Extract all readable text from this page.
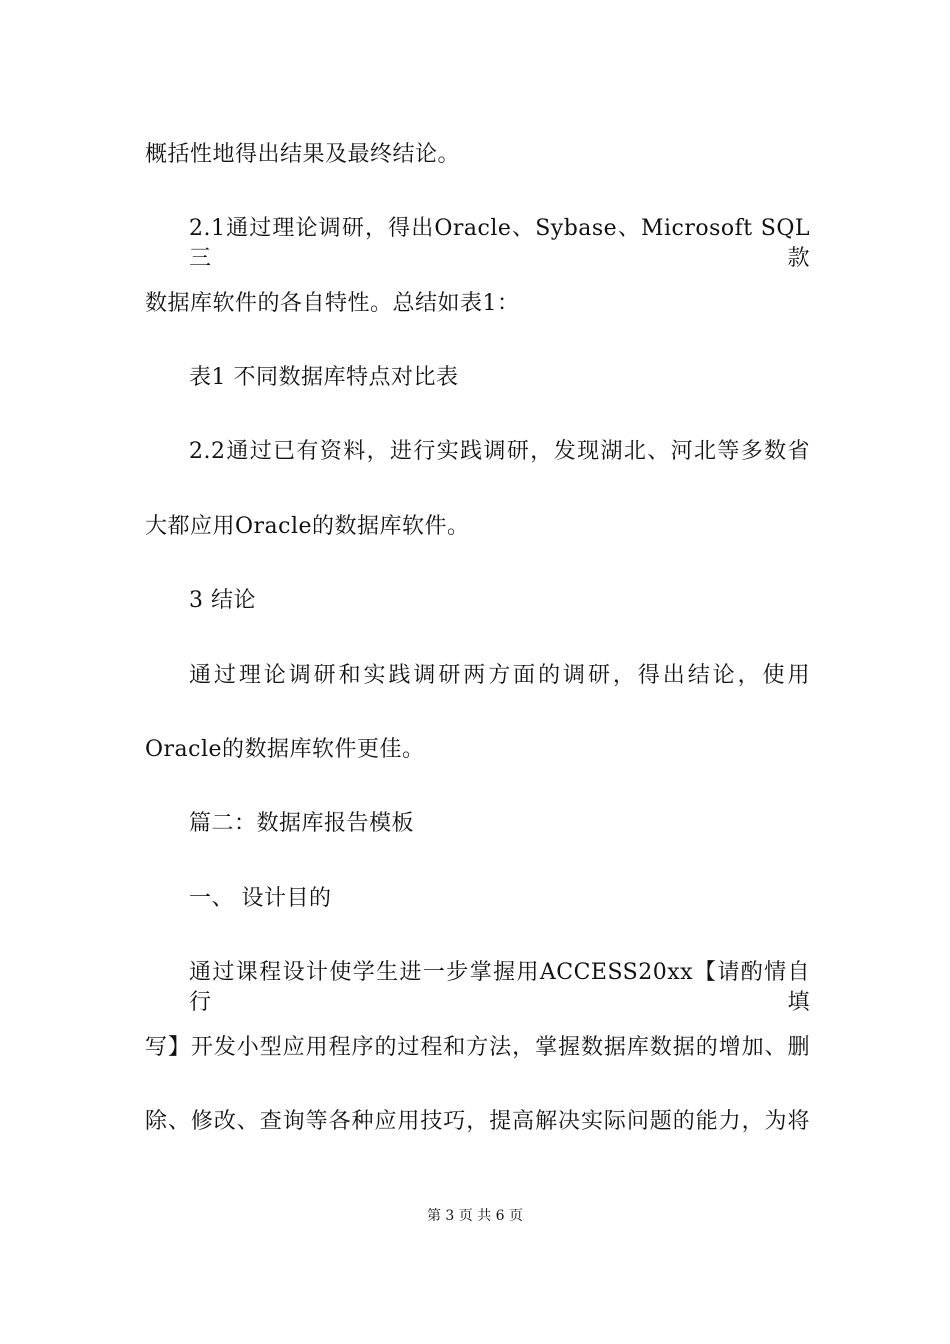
概括性地得出结果及最终结论。
2.1通过理论调研，得出Oracle、Sybase、Microsoft SQL三款
数据库软件的各自特性。总结如表1：
表1 不同数据库特点对比表
2.2通过已有资料，进行实践调研，发现湖北、河北等多数省
大都应用Oracle的数据库软件。
3 结论
通过理论调研和实践调研两方面的调研，得出结论，使用
Oracle的数据库软件更佳。
篇二：数据库报告模板
一、 设计目的
通过课程设计使学生进一步掌握用ACCESS20xx【请酌情自行填
写】开发小型应用程序的过程和方法，掌握数据库数据的增加、删
除、修改、查询等各种应用技巧，提高解决实际问题的能力，为将
第 3 页 共 6 页
